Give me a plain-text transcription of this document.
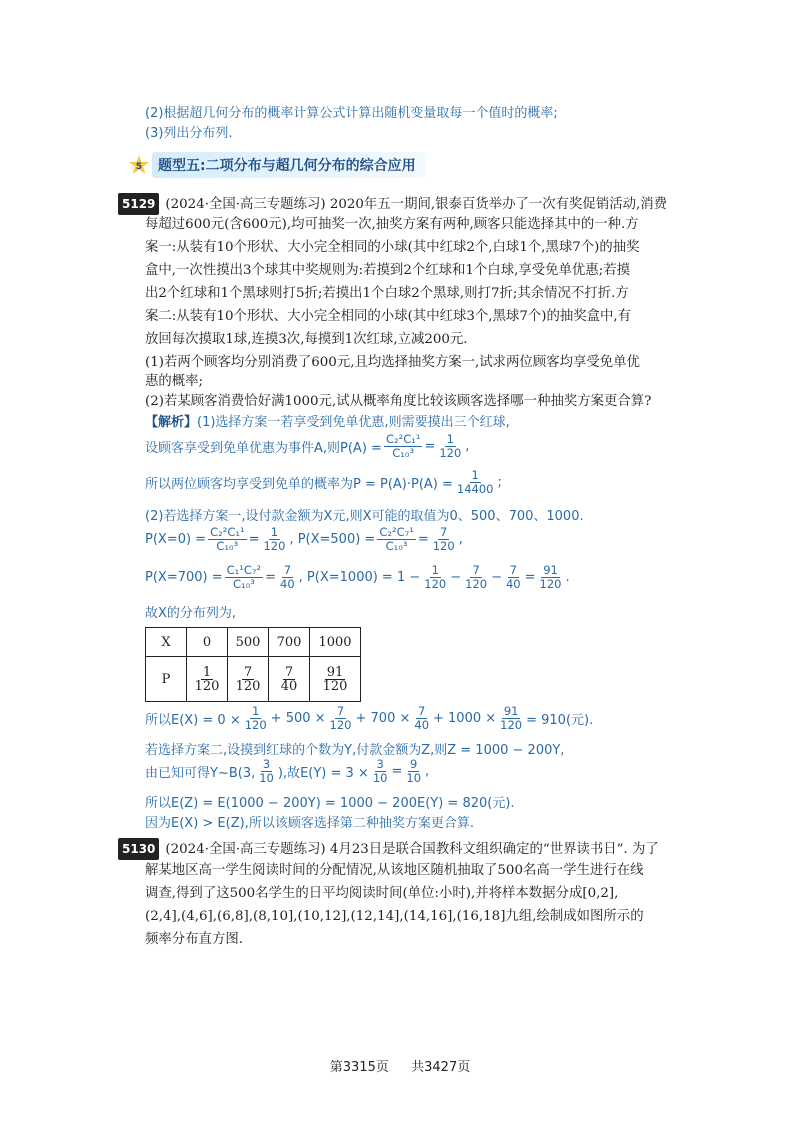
(2)根据超几何分布的概率计算公式计算出随机变量取每一个值时的概率;
(3)列出分布列.
5	题型五:二项分布与超几何分布的综合应用
5129 (2024·全国·高三专题练习) 2020年五一期间,银泰百货举办了一次有奖促销活动,消费
每超过600元(含600元),均可抽奖一次,抽奖方案有两种,顾客只能选择其中的一种.方
案一:从装有10个形状、大小完全相同的小球(其中红球2个,白球1个,黑球7个)的抽奖
盒中,一次性摸出3个球其中奖规则为:若摸到2个红球和1个白球,享受免单优惠;若摸
出2个红球和1个黑球则打5折;若摸出1个白球2个黑球,则打7折;其余情况不打折.方
案二:从装有10个形状、大小完全相同的小球(其中红球3个,黑球7个)的抽奖盒中,有
放回每次摸取1球,连摸3次,每摸到1次红球,立减200元.
(1)若两个顾客均分别消费了600元,且均选择抽奖方案一,试求两位顾客均享受免单优
惠的概率;
(2)若某顾客消费恰好满1000元,试从概率角度比较该顾客选择哪一种抽奖方案更合算?
【解析】 (1)选择方案一若享受到免单优惠,则需要摸出三个红球,
设顾客享受到免单优惠为事件A,则$P(A) = \frac{\text{C₂²C₁¹}}{\text{C₁₀³}} = \frac{1}{120}$ ,
所以两位顾客均享受到免单的概率为$P = P(A)\cdot P(A) = \frac{1}{14400}$ ;
(2)若选择方案一,设付款金额为X元,则X可能的取值为0、500、700、1000.
$P(X=0) = \frac{\text{C₂²C₁¹}}{\text{C₁₀³}} = \frac{1}{120}$ , $P(X=500) = \frac{\text{C₂²C₇¹}}{\text{C₁₀³}} = \frac{7}{120}$ ,
$P(X=700) = \frac{\text{C₁¹C₇²}}{\text{C₁₀³}} = \frac{7}{40}$ , $P(X=1000) = 1 - \frac{1}{120} - \frac{7}{120} - \frac{7}{40} = \frac{91}{120}$ .
故X的分布列为,
X	0	500	700	1000
P	$\frac{1}{120}$	$\frac{7}{120}$	$\frac{7}{40}$	$\frac{91}{120}$
所以$E(X) = 0 \times \frac{1}{120} + 500 \times \frac{7}{120} + 700 \times \frac{7}{40} + 1000 \times \frac{91}{120} = 910$(元).
若选择方案二,设摸到红球的个数为Y,付款金额为Z,则Z = 1000 − 200Y,
由已知可得Y~B(3, $\frac{3}{10}$ ),故$E(Y) = 3 \times \frac{3}{10} = \frac{9}{10}$ ,
所以E(Z) = E(1000 − 200Y) = 1000 − 200E(Y) = 820(元).
因为E(X) > E(Z),所以该顾客选择第二种抽奖方案更合算.
5130 (2024·全国·高三专题练习) 4月23日是联合国教科文组织确定的“世界读书日”. 为了
解某地区高一学生阅读时间的分配情况,从该地区随机抽取了500名高一学生进行在线
调查,得到了这500名学生的日平均阅读时间(单位:小时),并将样本数据分成[0,2],
(2,4],(4,6],(6,8],(8,10],(10,12],(12,14],(14,16],(16,18]九组,绘制成如图所示的
频率分布直方图.
第3315页 共3427页
